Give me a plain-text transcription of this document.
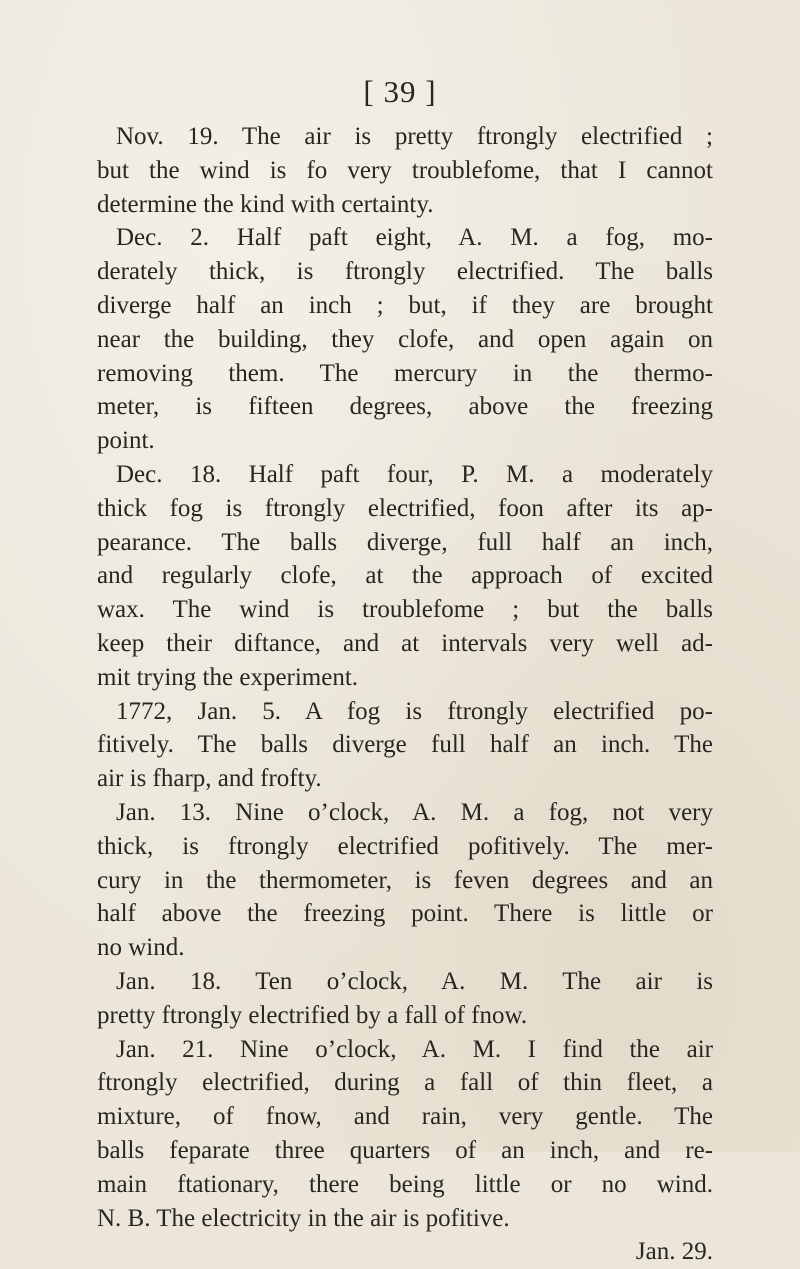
[ 39 ]
Nov. 19. The air is pretty ftrongly electrified ;
but the wind is fo very troublefome, that I cannot
determine the kind with certainty.
Dec. 2. Half paft eight, A. M. a fog, mo-
derately thick, is ftrongly electrified. The balls
diverge half an inch ; but, if they are brought
near the building, they clofe, and open again on
removing them. The mercury in the thermo-
meter, is fifteen degrees, above the freezing
point.
Dec. 18. Half paft four, P. M. a moderately
thick fog is ftrongly electrified, foon after its ap-
pearance. The balls diverge, full half an inch,
and regularly clofe, at the approach of excited
wax. The wind is troublefome ; but the balls
keep their diftance, and at intervals very well ad-
mit trying the experiment.
1772, Jan. 5. A fog is ftrongly electrified po-
fitively. The balls diverge full half an inch. The
air is fharp, and frofty.
Jan. 13. Nine o’clock, A. M. a fog, not very
thick, is ftrongly electrified pofitively. The mer-
cury in the thermometer, is feven degrees and an
half above the freezing point. There is little or
no wind.
Jan. 18. Ten o’clock, A. M. The air is
pretty ftrongly electrified by a fall of fnow.
Jan. 21. Nine o’clock, A. M. I find the air
ftrongly electrified, during a fall of thin fleet, a
mixture, of fnow, and rain, very gentle. The
balls feparate three quarters of an inch, and re-
main ftationary, there being little or no wind.
N. B. The electricity in the air is pofitive.
Jan. 29.
